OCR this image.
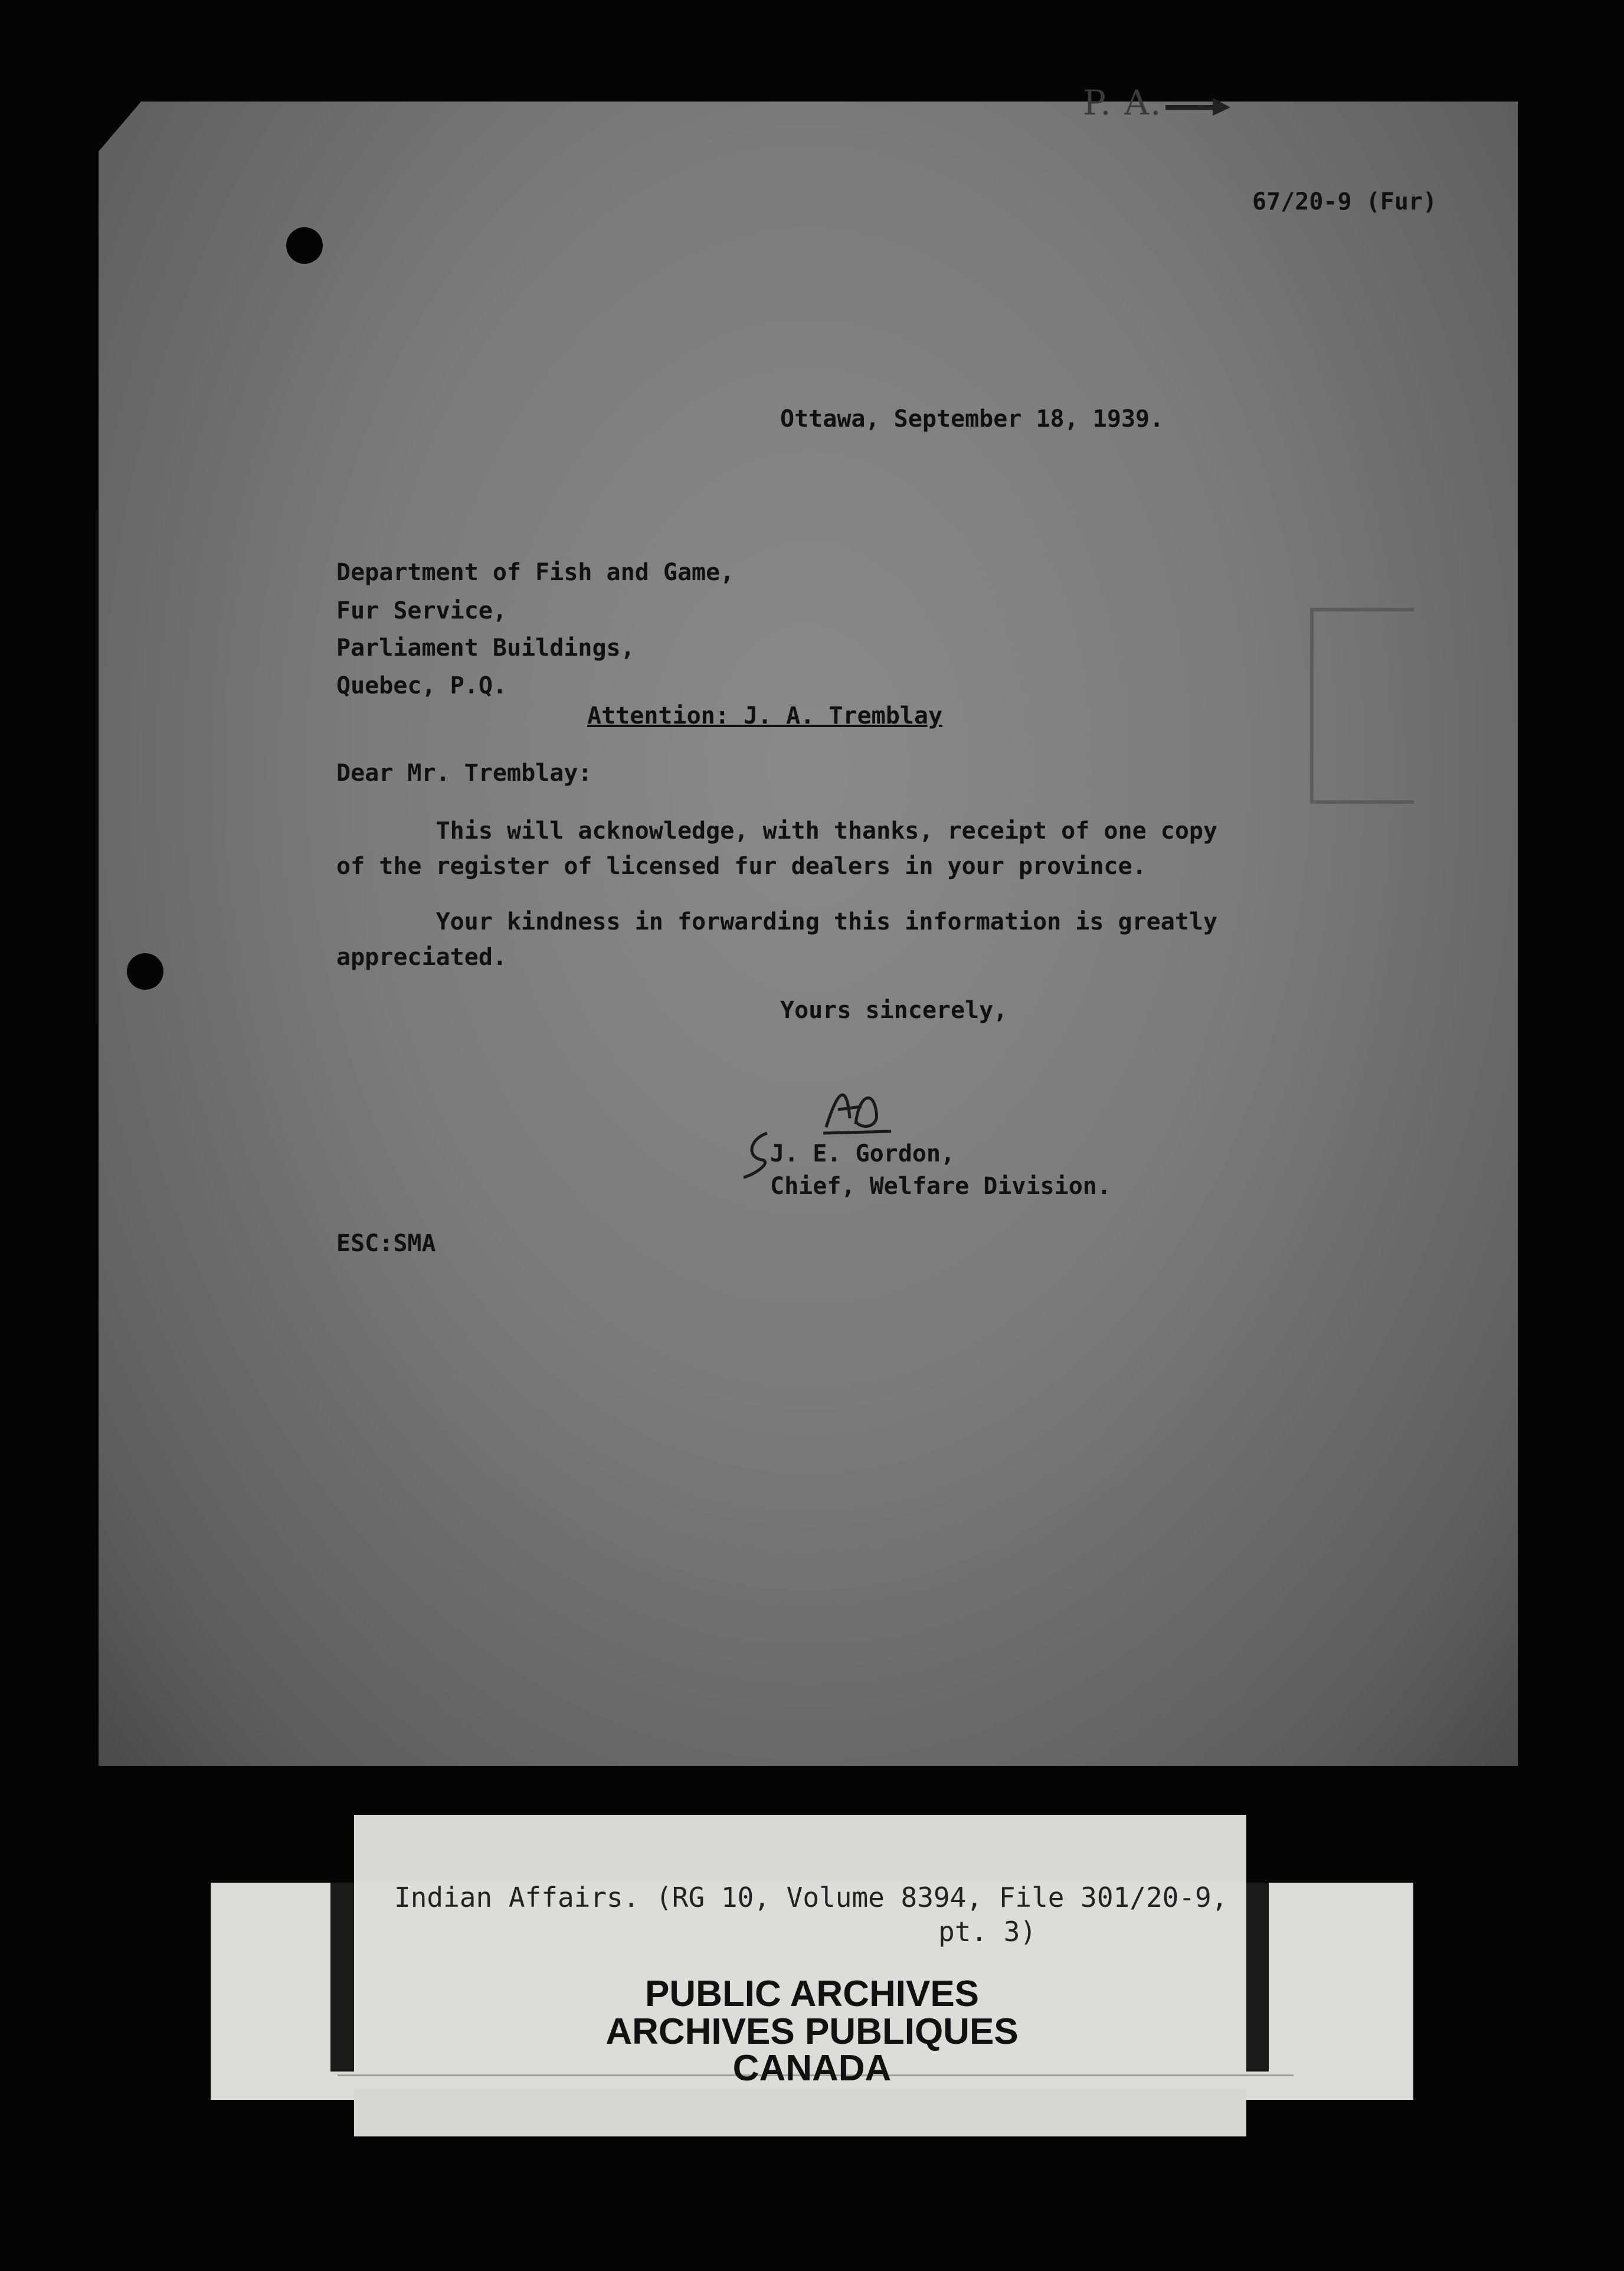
P. A.
67/20-9 (Fur)
Ottawa, September 18, 1939.
Department of Fish and Game,
Fur Service,
Parliament Buildings,
Quebec, P.Q.
Attention: J. A. Tremblay
Dear Mr. Tremblay:
This will acknowledge, with thanks, receipt of one copy
of the register of licensed fur dealers in your province.
Your kindness in forwarding this information is greatly
appreciated.
Yours sincerely,
J. E. Gordon,
Chief, Welfare Division.
ESC:SMA
Indian Affairs. (RG 10, Volume 8394, File 301/20-9,
pt. 3)
PUBLIC ARCHIVES
ARCHIVES PUBLIQUES
CANADA
